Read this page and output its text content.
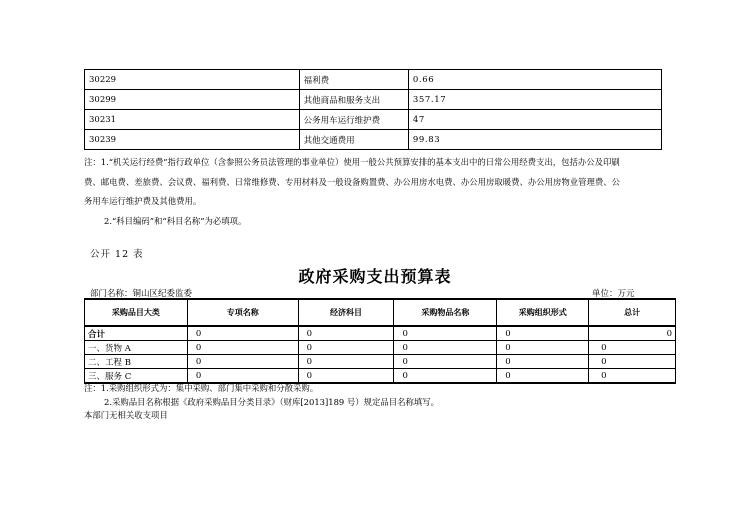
30229	福利费	0.66
30299	其他商品和服务支出	357.17
30231	公务用车运行维护费	47
30239	其他交通费用	99.83
注：1.“机关运行经费”指行政单位（含参照公务员法管理的事业单位）使用一般公共预算安排的基本支出中的日常公用经费支出，包括办公及印刷
费、邮电费、差旅费、会议费、福利费、日常维修费、专用材料及一般设备购置费、办公用房水电费、办公用房取暖费、办公用房物业管理费、公
务用车运行维护费及其他费用。
2.“科目编码”和“科目名称”为必填项。
公开 12 表
政府采购支出预算表
部门名称：铜山区纪委监委	单位：万元
采购品目大类	专项名称	经济科目	采购物品名称	采购组织形式	总计
合计	0	0	0	0	0
一、货物 A	0	0	0	0	0
二、工程 B	0	0	0	0	0
三、服务 C	0	0	0	0	0
注：1.采购组织形式为：集中采购、部门集中采购和分散采购。
2.采购品目名称根据《政府采购品目分类目录》（财库[2013]189 号）规定品目名称填写。
本部门无相关收支项目
